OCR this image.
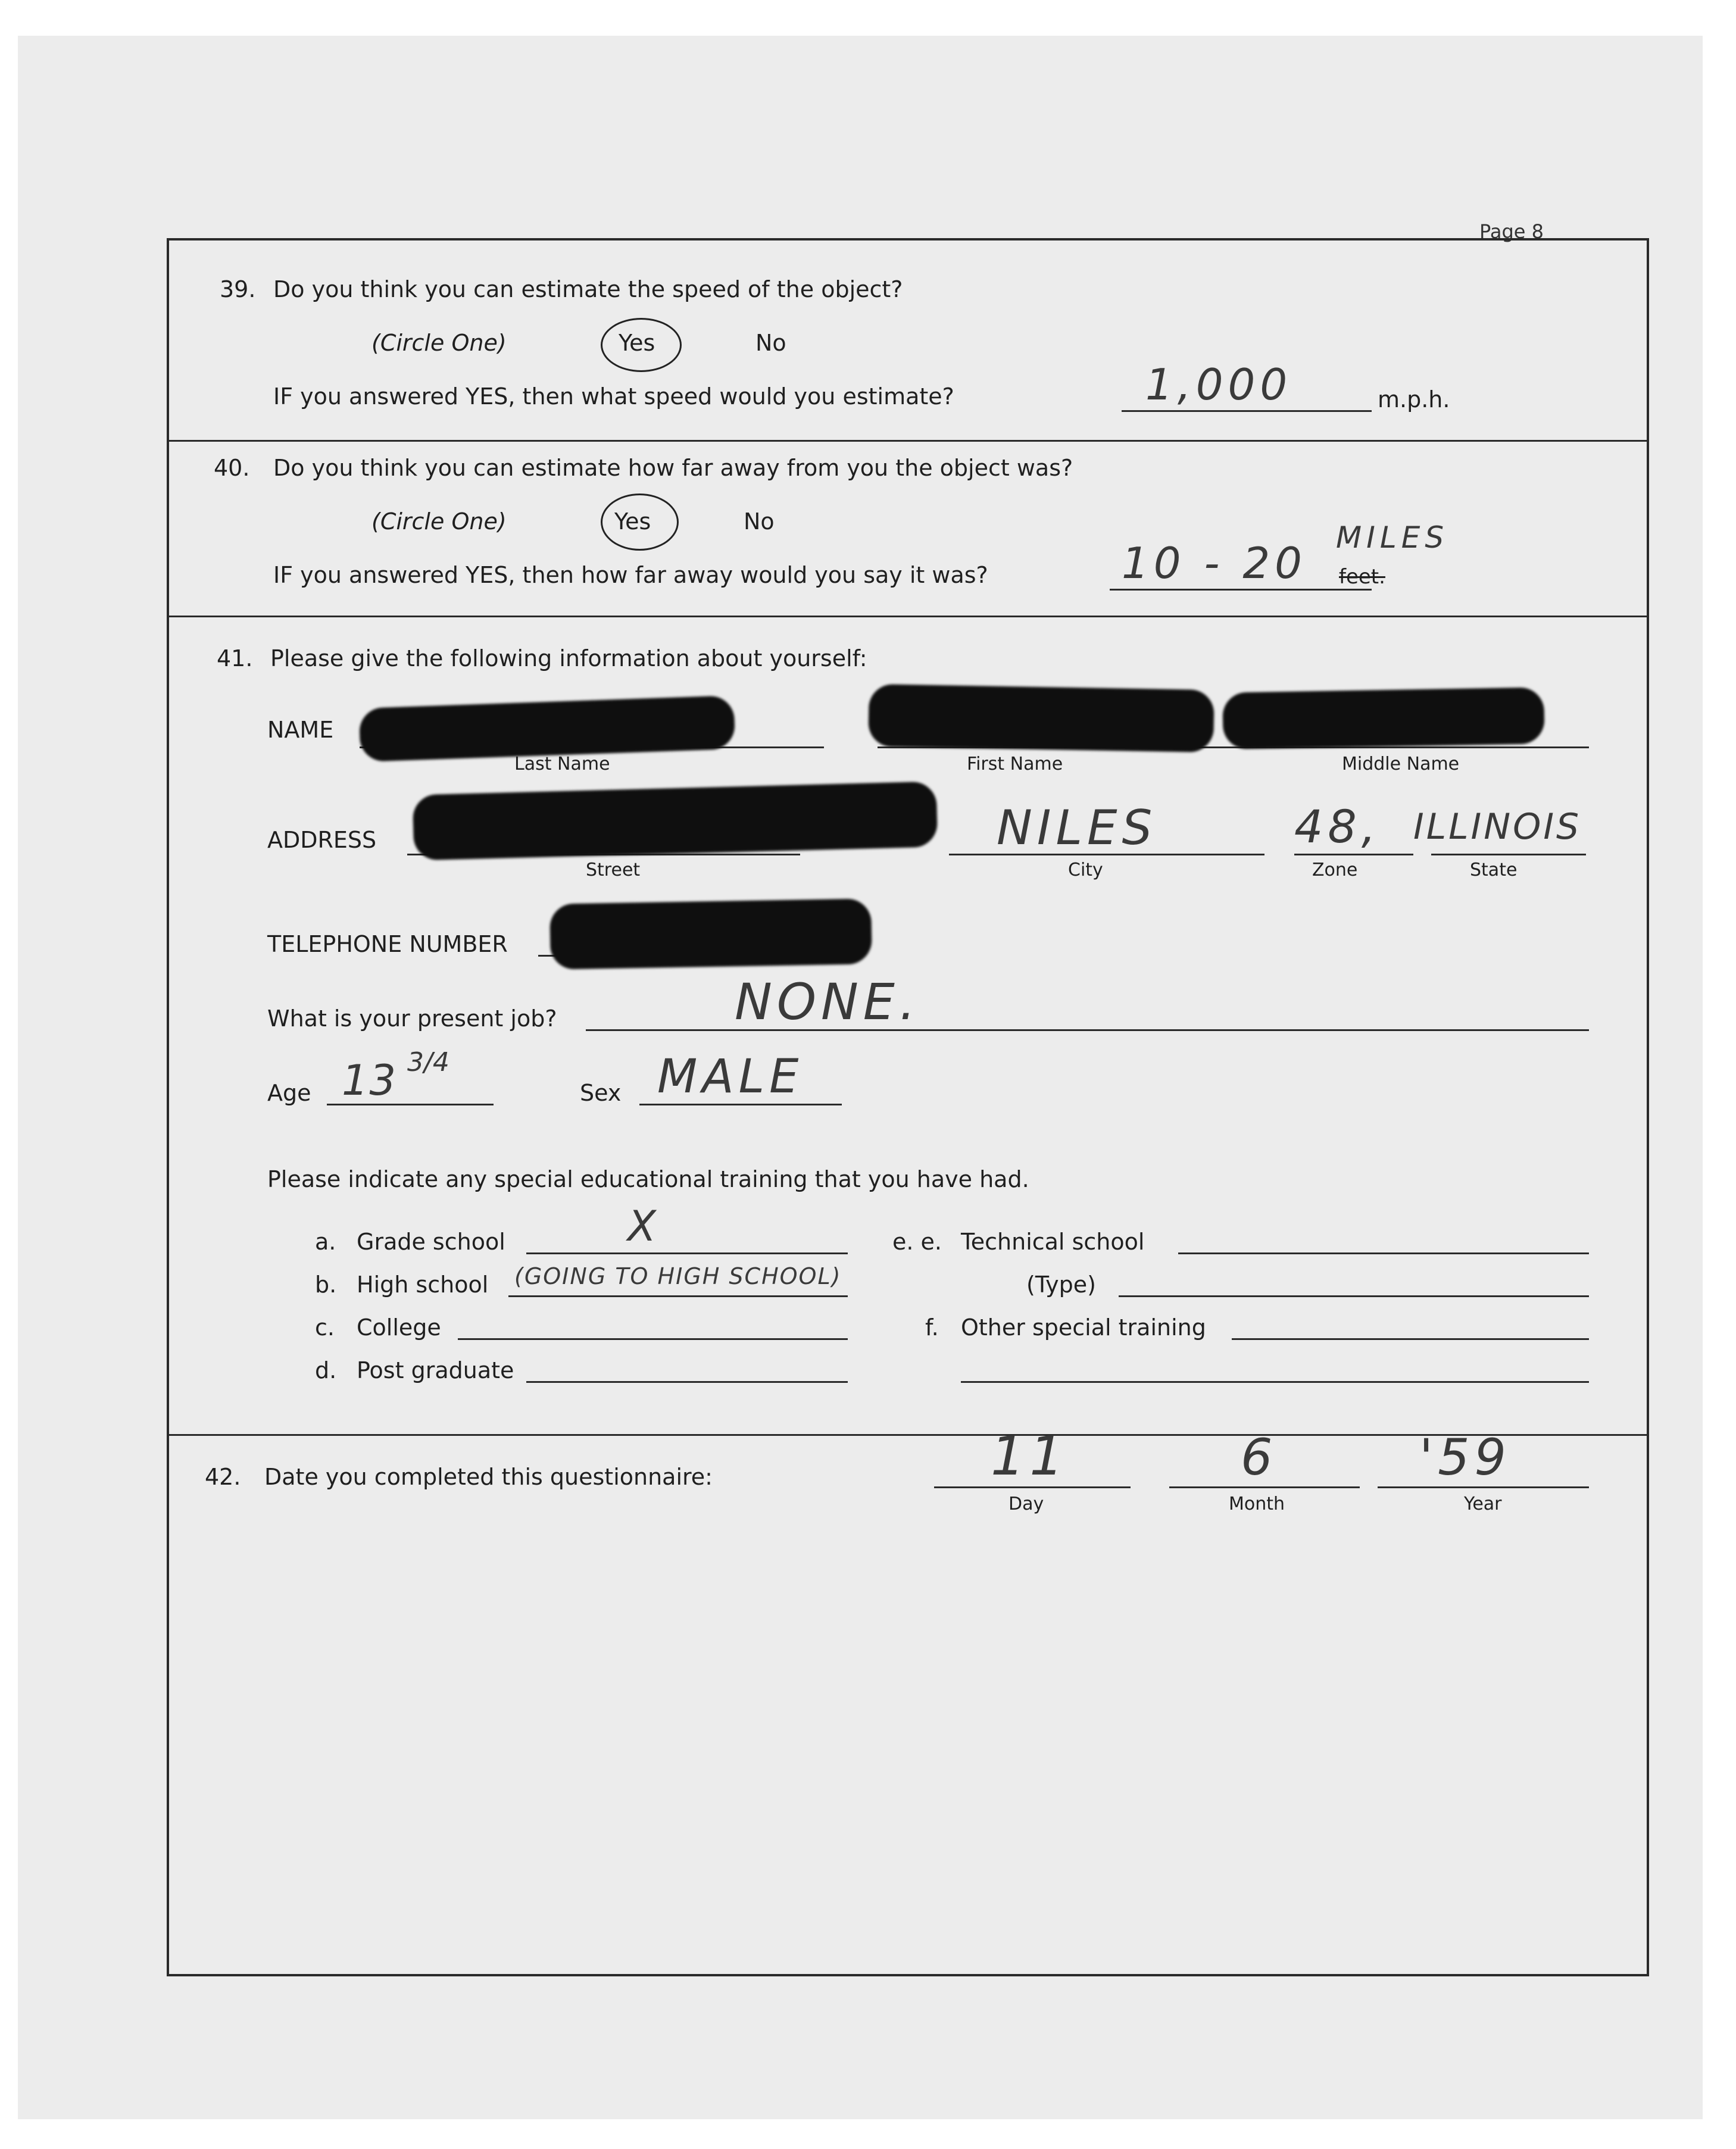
Page 8
39. Do you think you can estimate the speed of the object?
(Circle One)	Yes	No
IF you answered YES, then what speed would you estimate?	1,000	m.p.h.
40. Do you think you can estimate how far away from you the object was?
(Circle One)	Yes	No
IF you answered YES, then how far away would you say it was?	10 - 20
MILES
feet.
41. Please give the following information about yourself:
NAME
Last Name	First Name	Middle Name
ADDRESS	NILES	48, ILLINOIS
Street	City	Zone	State
TELEPHONE NUMBER
What is your present job?	NONE.
Age 13 3/4
Sex MALE
Please indicate any special educational training that you have had.
a. Grade school	X
b. High school (GOING TO HIGH SCHOOL)
c. College
d. Post graduate
e. e. Technical school
(Type)
f. Other special training
42. Date you completed this questionnaire:	11	6	'59
Day	Month	Year
